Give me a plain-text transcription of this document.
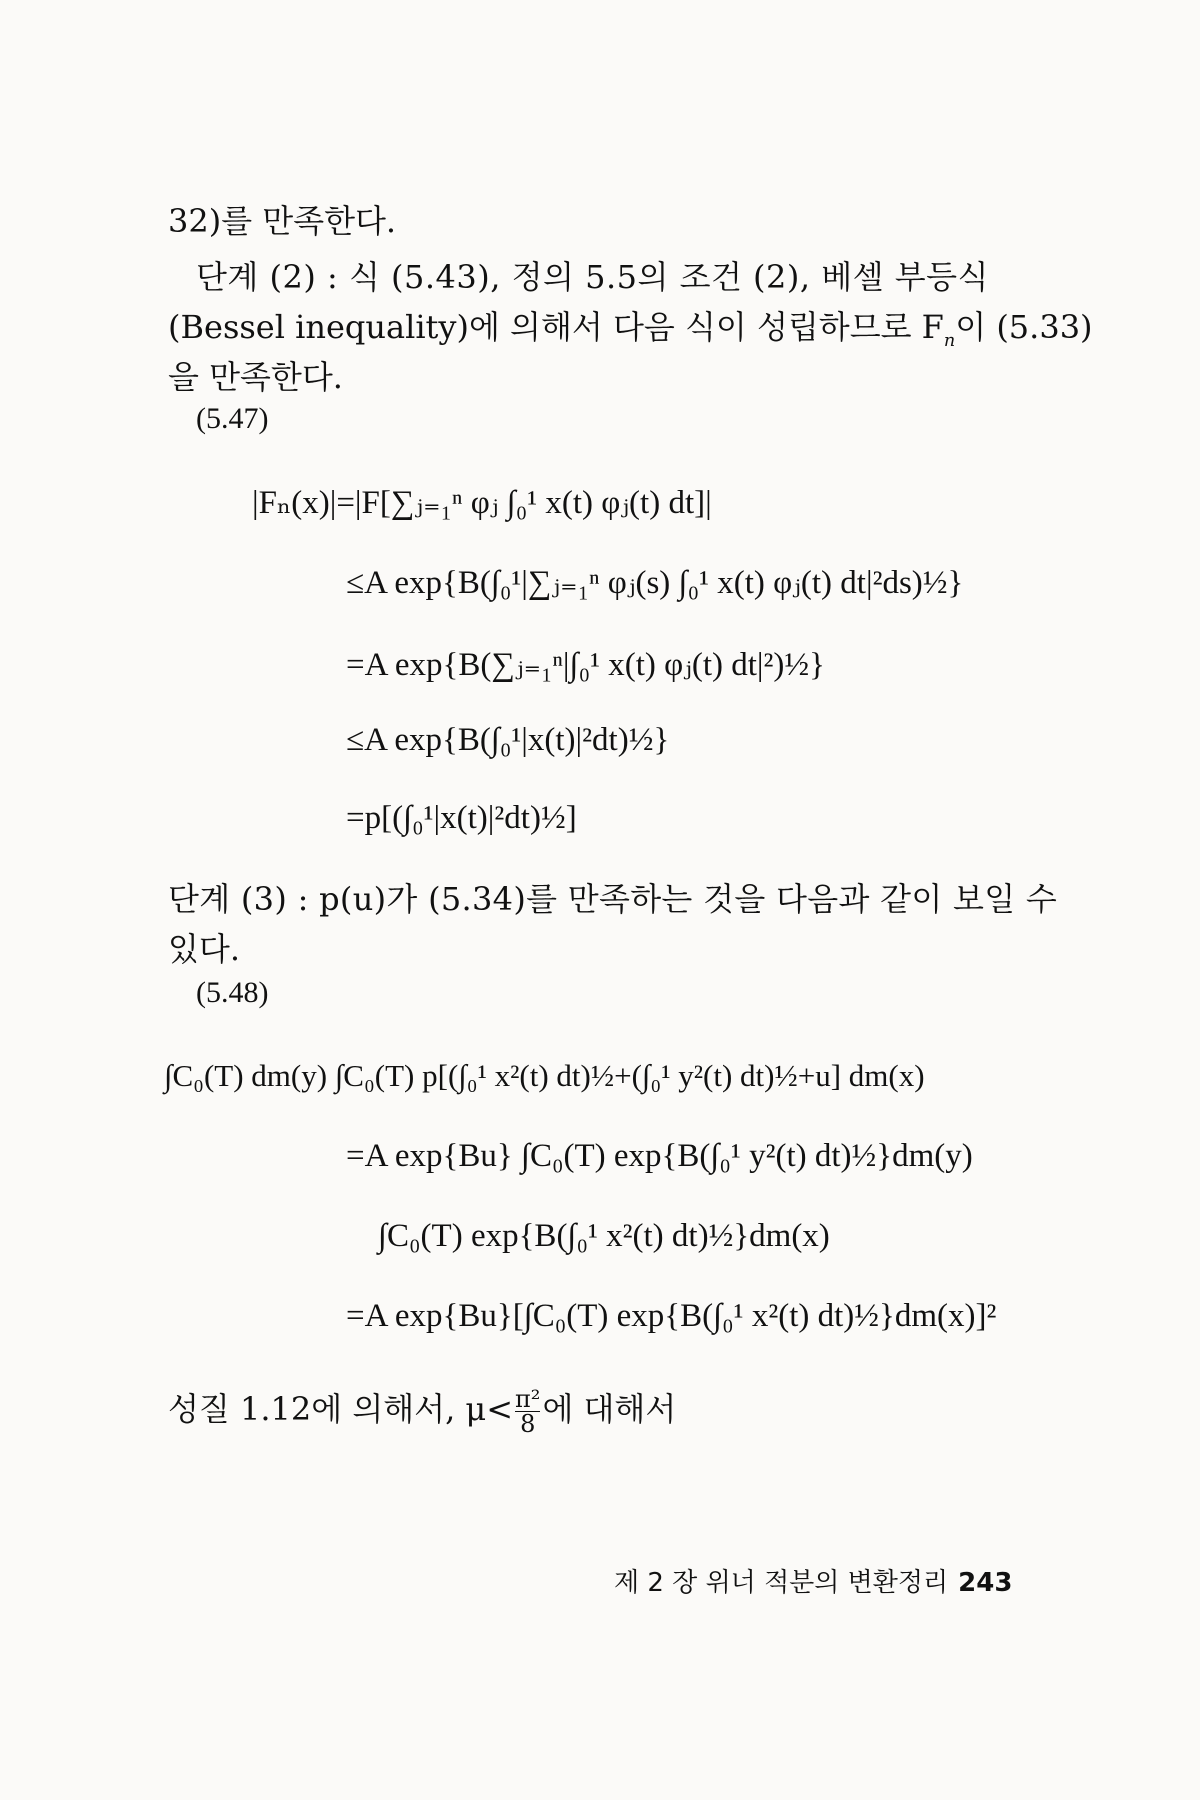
32)를 만족한다.
단계 (2) : 식 (5.43), 정의 5.5의 조건 (2), 베셀 부등식
(Bessel inequality)에 의해서 다음 식이 성립하므로 $F_n$이 (5.33)
을 만족한다.
(5.47)
|Fₙ(x)|=|F[∑ⱼ₌₁ⁿ φⱼ ∫₀¹ x(t) φⱼ(t) dt]|
≤A exp{B(∫₀¹|∑ⱼ₌₁ⁿ φⱼ(s) ∫₀¹ x(t) φⱼ(t) dt|²ds)½}
=A exp{B(∑ⱼ₌₁ⁿ|∫₀¹ x(t) φⱼ(t) dt|²)½}
≤A exp{B(∫₀¹|x(t)|²dt)½}
=p[(∫₀¹|x(t)|²dt)½]
단계 (3) : p(u)가 (5.34)를 만족하는 것을 다음과 같이 보일 수
있다.
(5.48)
∫C₀(T) dm(y) ∫C₀(T) p[(∫₀¹ x²(t) dt)½+(∫₀¹ y²(t) dt)½+u] dm(x)
=A exp{Bu} ∫C₀(T) exp{B(∫₀¹ y²(t) dt)½}dm(y)
∫C₀(T) exp{B(∫₀¹ x²(t) dt)½}dm(x)
=A exp{Bu}[∫C₀(T) exp{B(∫₀¹ x²(t) dt)½}dm(x)]²
성질 1.12에 의해서, $\mu< \frac{\text{π²}}{8}$ 에 대해서
제 2 장 위너 적분의 변환정리 243
